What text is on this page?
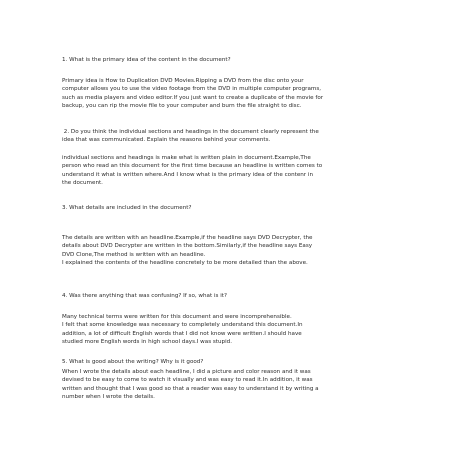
1. What is the primary idea of the content in the document?

Primary idea is How to Duplication DVD Movies.Ripping a DVD from the disc onto your
computer allows you to use the video footage from the DVD in multiple computer programs,
such as media players and video editor.If you just want to create a duplicate of the movie for
backup, you can rip the movie file to your computer and burn the file straight to disc.

2. Do you think the individual sections and headings in the document clearly represent the
idea that was communicated. Explain the reasons behind your comments.

individual sections and headings is make what is written plain in document.Example,The
person who read an this document for the first time because an headline is written comes to
understand it what is written where.And I know what is the primary idea of the contenr in
the document.

3. What details are included in the document?

The details are written with an headline.Example,if the headline says DVD Decrypter, the
details about DVD Decrypter are written in the bottom.Similarly,if the headline says Easy
DVD Clone,The method is written with an headline.
I explained the contents of the headline concretely to be more detailed than the above.

4. Was there anything that was confusing? If so, what is it?

Many technical terms were written for this document and were incomprehensible.
I felt that some knowledge was necessary to completely understand this document.In
addition, a lot of difficult English words that I did not know were written.I should have
studied more English words in high school days.I was stupid.

5. What is good about the writing? Why is it good?

When I wrote the details about each headline, I did a picture and color reason and it was
devised to be easy to come to watch it visually and was easy to read it.In addition, it was
written and thought that I was good so that a reader was easy to understand it by writing a
number when I wrote the details.
